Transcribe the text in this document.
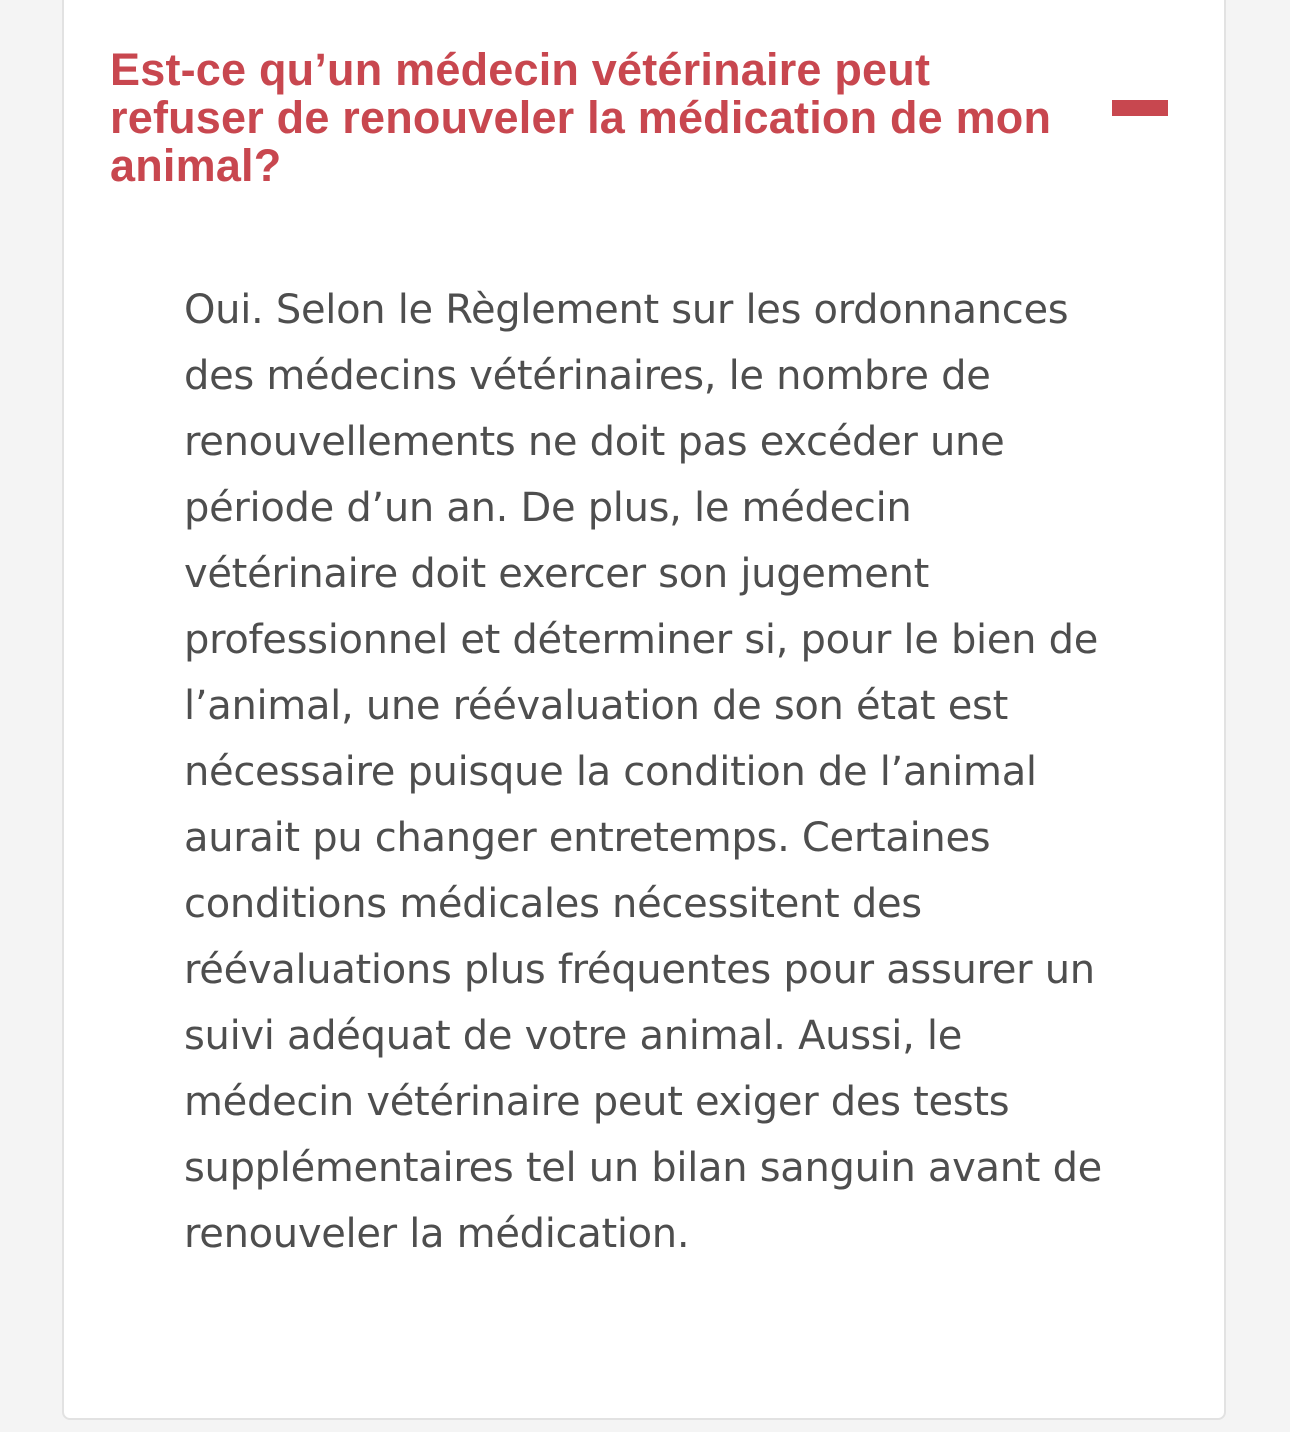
Est-ce qu’un médecin vétérinaire peut refuser de renouveler la médication de mon animal?

Oui. Selon le Règlement sur les ordonnances des médecins vétérinaires, le nombre de renouvellements ne doit pas excéder une période d’un an. De plus, le médecin vétérinaire doit exercer son jugement professionnel et déterminer si, pour le bien de l’animal, une réévaluation de son état est nécessaire puisque la condition de l’animal aurait pu changer entretemps. Certaines conditions médicales nécessitent des réévaluations plus fréquentes pour assurer un suivi adéquat de votre animal. Aussi, le médecin vétérinaire peut exiger des tests supplémentaires tel un bilan sanguin avant de renouveler la médication.
